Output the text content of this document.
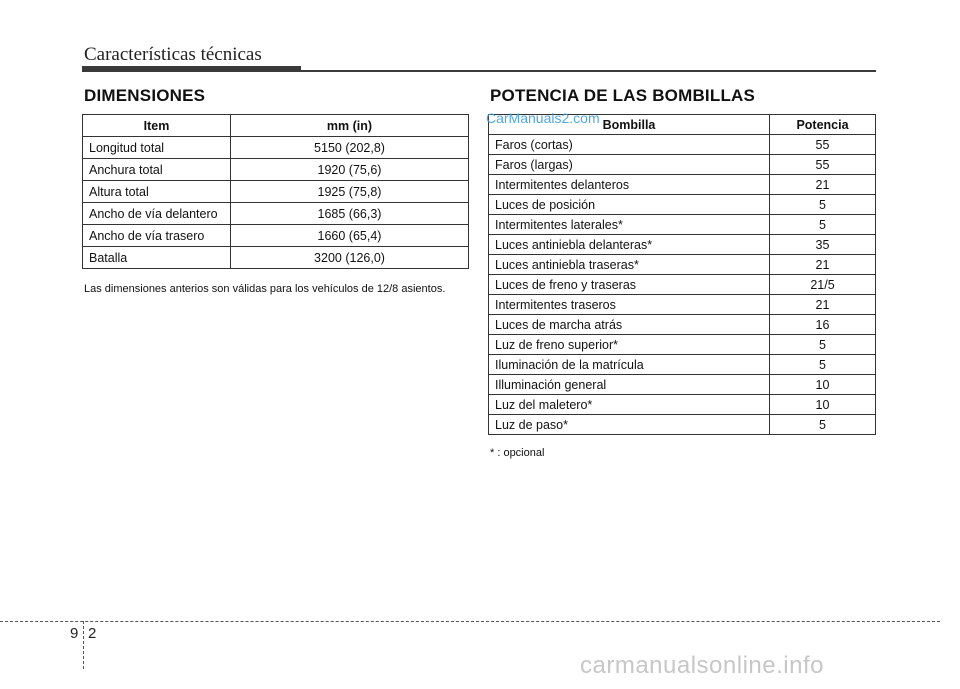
Características técnicas
DIMENSIONES
Item	mm (in)
Longitud total	5150 (202,8)
Anchura total	1920 (75,6)
Altura total	1925 (75,8)
Ancho de vía delantero	1685 (66,3)
Ancho de vía trasero	1660 (65,4)
Batalla	3200 (126,0)
Las dimensiones anterios son válidas para los vehículos de 12/8 asientos.
POTENCIA DE LAS BOMBILLAS
Bombilla	Potencia
Faros (cortas)	55
Faros (largas)	55
Intermitentes delanteros	21
Luces de posición	5
Intermitentes laterales*	5
Luces antiniebla delanteras*	35
Luces antiniebla traseras*	21
Luces de freno y traseras	21/5
Intermitentes traseros	21
Luces de marcha atrás	16
Luz de freno superior*	5
Iluminación de la matrícula	5
Illuminación general	10
Luz del maletero*	10
Luz de paso*	5
CarManuals2.com
* : opcional
9 2
carmanualsonline.info
